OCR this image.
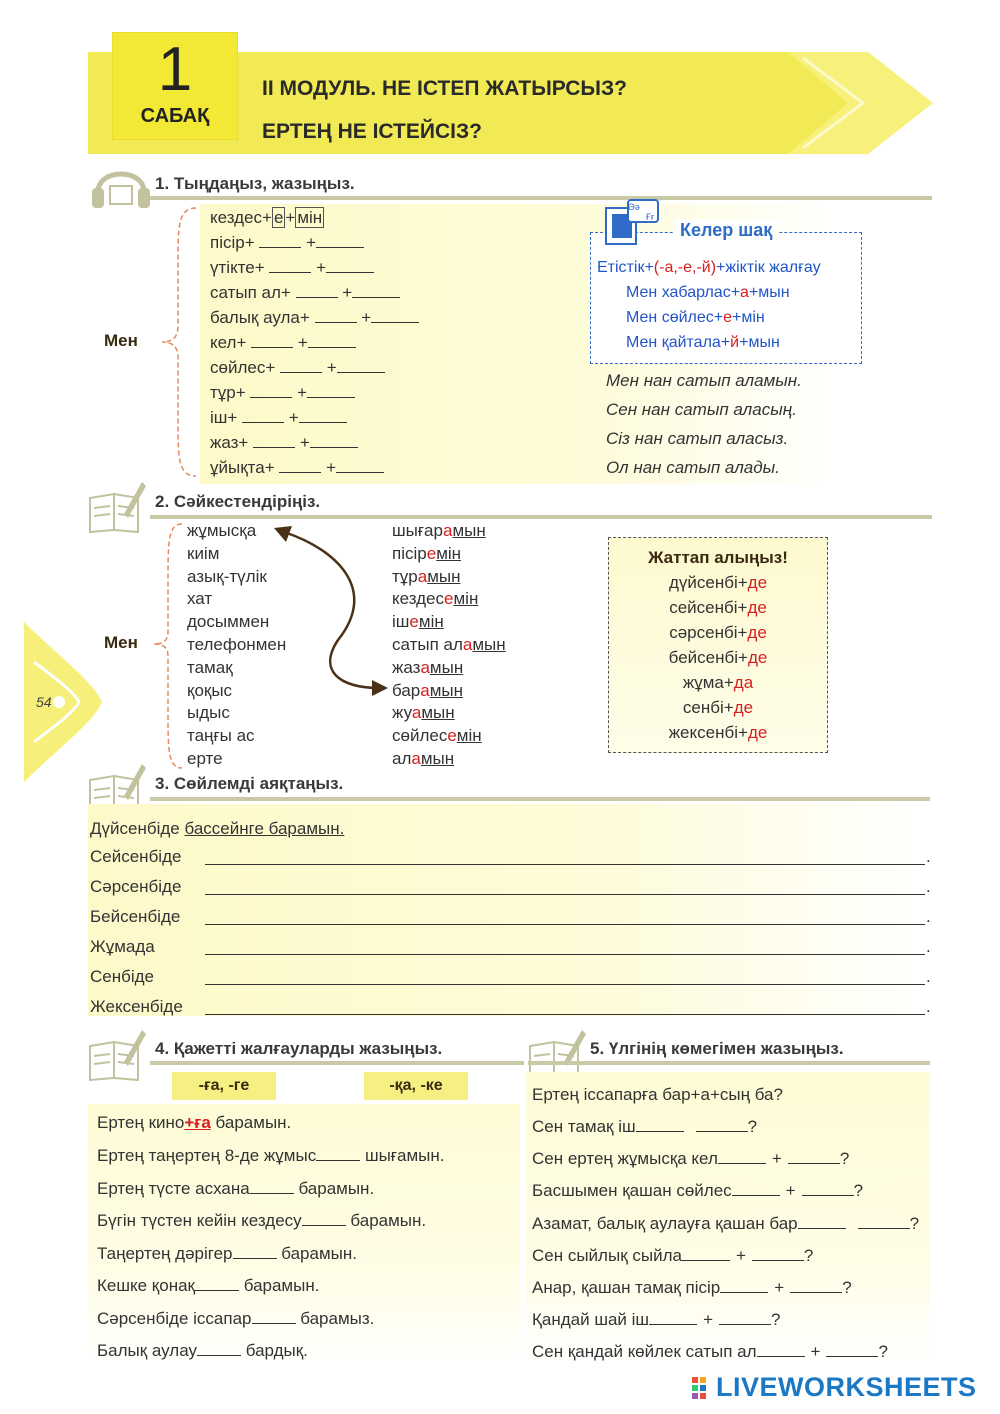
1
САБАҚ
II МОДУЛЬ. НЕ ІСТЕП ЖАТЫРСЫЗ?
ЕРТЕҢ НЕ ІСТЕЙСІЗ?
54
1. Тыңдаңыз, жазыңыз.
Мен
кездес+ е + мін
пісір+	+
үтікте+	+
сатып ал+	+
балық аула+	+
кел+	+
сөйлес+	+
тұр+	+
іш+	+
жаз+	+
ұйықта+	+
Әә
Ғғ
Келер шақ
Етістік+(-а,-е,-й)+жіктік жалғау
Мен хабарлас+а+мын
Мен сөйлес+е+мін
Мен қайтала+й+мын
Мен нан сатып аламын.
Сен нан сатып аласың.
Сіз нан сатып аласыз.
Ол нан сатып алады.
2. Сәйкестендіріңіз.
Мен
жұмысқа
киім
азық-түлік
хат
досыммен
телефонмен
тамақ
қоқыс
ыдыс
таңғы ас
ерте
шығарамын
пісіремін
тұрамын
кездесемін
ішемін
сатып аламын
жазамын
барамын
жуамын
сөйлесемін
аламын
Жаттап алыңыз!
дүйсенбі+де
сейсенбі+де
сәрсенбі+де
бейсенбі+де
жұма+да
сенбі+де
жексенбі+де
3. Сөйлемді аяқтаңыз.
Дүйсенбіде бассейнге барамын.
Сейсенбіде	.
Сәрсенбіде	.
Бейсенбіде	.
Жұмада	.
Сенбіде	.
Жексенбіде	.
4. Қажетті жалғауларды жазыңыз.
-ға, -ге	-қа, -ке
Ертең кино+ға барамын.
Ертең таңертең 8-де жұмыс	шығамын.
Ертең түсте асхана	барамын.
Бүгін түстен кейін кездесу	барамын.
Таңертең дәрігер	барамын.
Кешке қонақ	барамын.
Сәрсенбіде іссапар	барамыз.
Балық аулау	бардық.
5. Үлгінің көмегімен жазыңыз.
Ертең іссапарға бар+а+сың ба?
Сен тамақ іш	?
Сен ертең жұмысқа кел	+	?
Басшымен қашан сөйлес	+	?
Азамат, балық аулауға қашан бар	?
Сен сыйлық сыйла	+	?
Анар, қашан тамақ пісір	+	?
Қандай шай іш	+	?
Сен қандай көйлек сатып ал	+	?
LIVEWORKSHEETS
